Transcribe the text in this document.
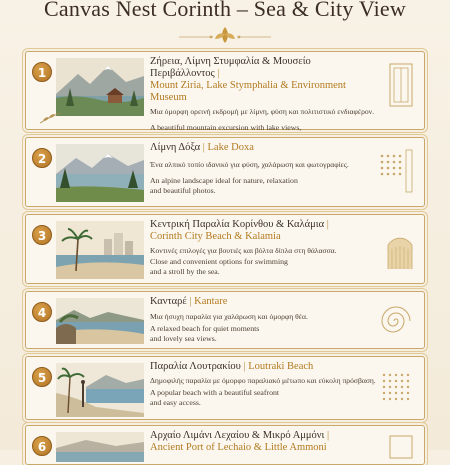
Canvas Nest Corinth – Sea & City View
1
Ζήρεια, Λίμνη Στυμφαλία & Μουσείο Περιβάλλοντος |
Mount Ziria, Lake Stymphalia & Environment Museum
Μια όμορφη ορεινή εκδρομή με λίμνη, φύση και πολιτιστικό ενδιαφέρον.
A beautiful mountain excursion with lake views,
2
Λίμνη Δόξα | Lake Doxa
Ένα αλπικό τοπίο ιδανικό για φύση, χαλάρωση και φωτογραφίες.
An alpine landscape ideal for nature, relaxation
and beautiful photos.
3
Κεντρική Παραλία Κορίνθου & Καλάμια |
Corinth City Beach & Kalamia
Κοντινές επιλογές για βουτιές και βόλτα δίπλα στη θάλασσα.
Close and convenient options for swimming
and a stroll by the sea.
4
Κανταρέ | Kantare
Μια ήσυχη παραλία για χαλάρωση και όμορφη θέα.
A relaxed beach for quiet moments
and lovely sea views.
5
Παραλία Λουτρακίου | Loutraki Beach
Δημοφιλής παραλία με όμορφο παραλιακό μέτωπο και εύκολη πρόσβαση.
A popular beach with a beautiful seafront
and easy access.
6
Αρχαίο Λιμάνι Λεχαίου & Μικρό Αμμόνι |
Ancient Port of Lechaio & Little Ammoni
